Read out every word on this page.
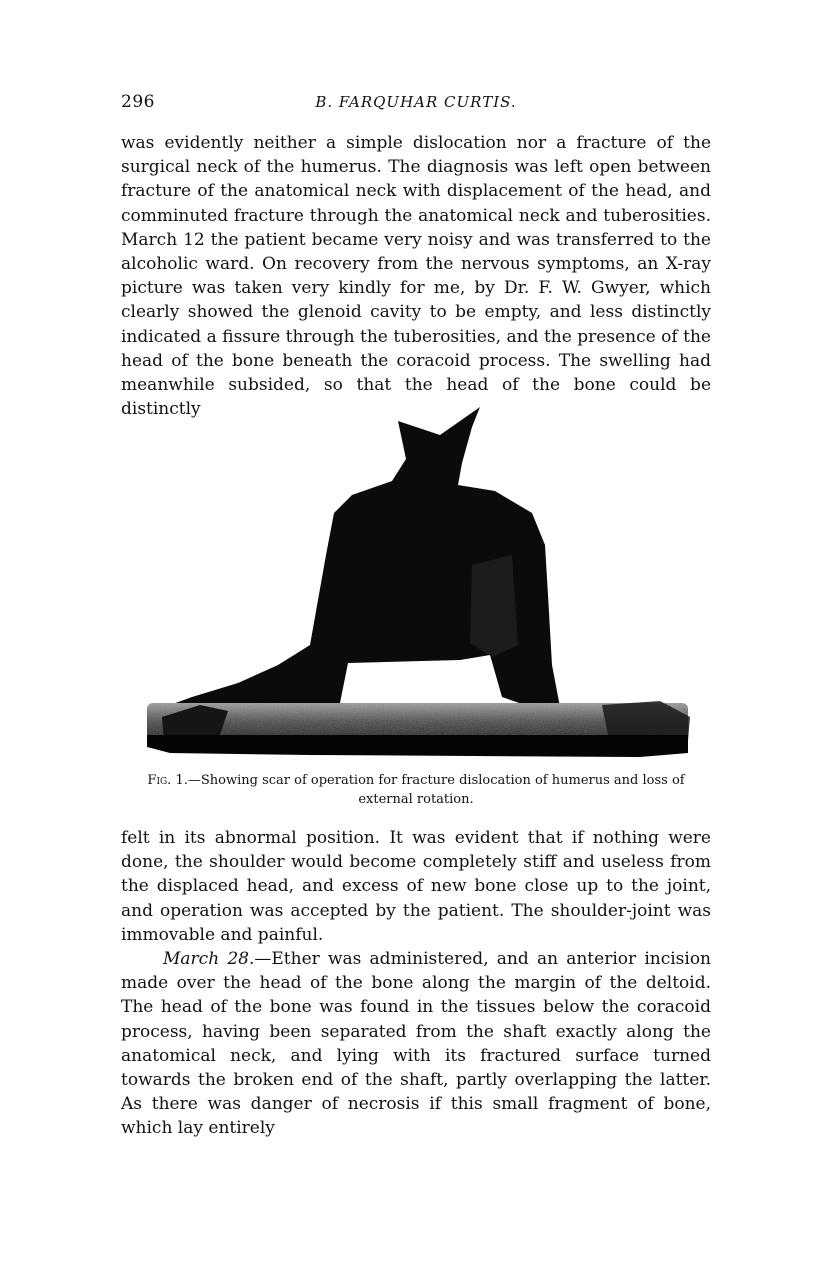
296	B. FARQUHAR CURTIS.

was evidently neither a simple dislocation nor a fracture of the surgical neck of the humerus. The diagnosis was left open between fracture of the anatomical neck with displacement of the head, and comminuted fracture through the anatomical neck and tuberosities. March 12 the patient became very noisy and was transferred to the alcoholic ward. On recovery from the nervous symptoms, an X-ray picture was taken very kindly for me, by Dr. F. W. Gwyer, which clearly showed the glenoid cavity to be empty, and less distinctly indicated a fissure through the tuberosities, and the presence of the head of the bone beneath the coracoid process. The swelling had meanwhile subsided, so that the head of the bone could be distinctly

Fig. 1.—Showing scar of operation for fracture dislocation of humerus and loss of external rotation.

felt in its abnormal position. It was evident that if nothing were done, the shoulder would become completely stiff and useless from the displaced head, and excess of new bone close up to the joint, and operation was accepted by the patient. The shoulder-joint was immovable and painful.

March 28.—Ether was administered, and an anterior incision made over the head of the bone along the margin of the deltoid. The head of the bone was found in the tissues below the coracoid process, having been separated from the shaft exactly along the anatomical neck, and lying with its fractured surface turned towards the broken end of the shaft, partly overlapping the latter. As there was danger of necrosis if this small fragment of bone, which lay entirely
